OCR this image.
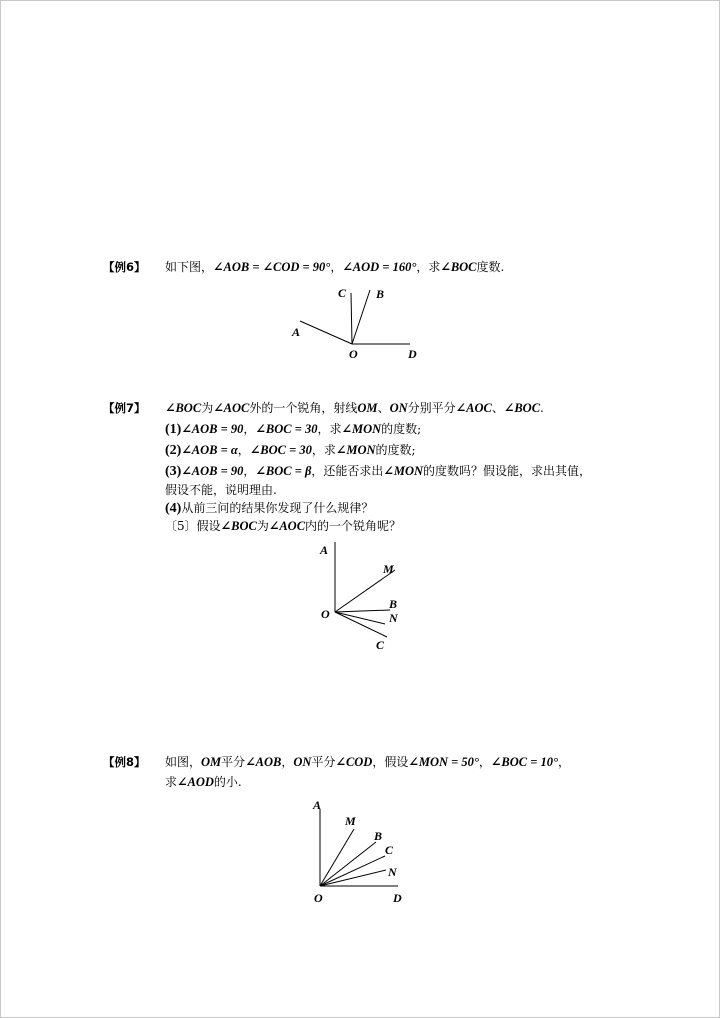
【例6】 如下图，∠AOB = ∠COD = 90°，∠AOD = 160°，求∠BOC度数.
C B
A
O	D
【例7】 ∠BOC为∠AOC外的一个锐角，射线OM、ON分别平分∠AOC、∠BOC.
(1)∠AOB = 90，∠BOC = 30，求∠MON的度数;
(2)∠AOB = α，∠BOC = 30，求∠MON的度数;
(3)∠AOB = 90，∠BOC = β，还能否求出∠MON的度数吗？假设能，求出其值，
假设不能，说明理由.
(4)从前三问的结果你发现了什么规律？
〔5〕假设∠BOC为∠AOC内的一个锐角呢？
A
M
O
B
N
C
【例8】 如图，OM平分∠AOB，ON平分∠COD，假设∠MON = 50°，∠BOC = 10°，
求∠AOD的小.
A
M
B
C
N
O	D
